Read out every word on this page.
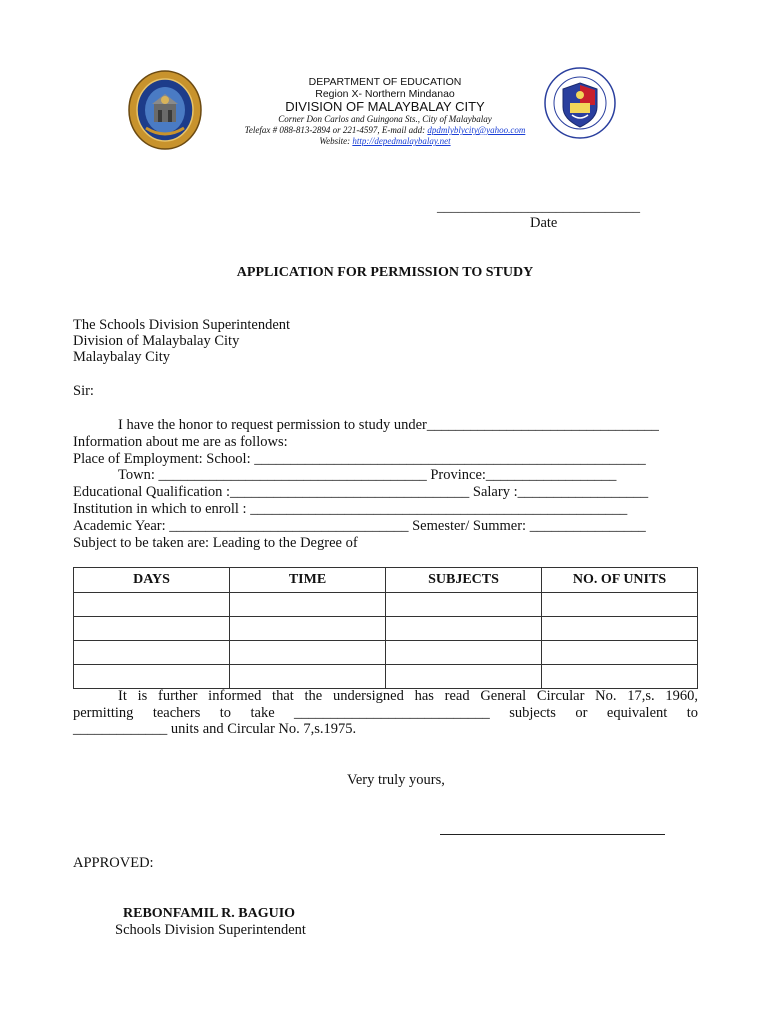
DEPARTMENT OF EDUCATION
Region X- Northern Mindanao
DIVISION OF MALAYBALAY CITY
Corner Don Carlos and Guingona Sts., City of Malaybalay
Telefax # 088-813-2894 or 221-4597, E-mail add: dpdmlyblycity@yahoo.com
Website: http://depedmalaybalay.net
_____________________________
Date
APPLICATION FOR PERMISSION TO STUDY
The Schools Division Superintendent
Division of Malaybalay City
Malaybalay City
Sir:
I have the honor to request permission to study under________________________________
Information about me are as follows:
Place of Employment: School: ______________________________________________________
Town: _____________________________________ Province:__________________
Educational Qualification :_________________________________ Salary :__________________
Institution in which to enroll : ____________________________________________________
Academic Year: _________________________________ Semester/ Summer: ________________
Subject to be taken are: Leading to the Degree of
DAYS	TIME	SUBJECTS	NO. OF UNITS

It is further informed that the undersigned has read General Circular No. 17,s. 1960,
permitting teachers to take ___________________________ subjects or equivalent to
_____________ units and Circular No. 7,s.1975.
Very truly yours,
APPROVED:
REBONFAMIL R. BAGUIO
Schools Division Superintendent
